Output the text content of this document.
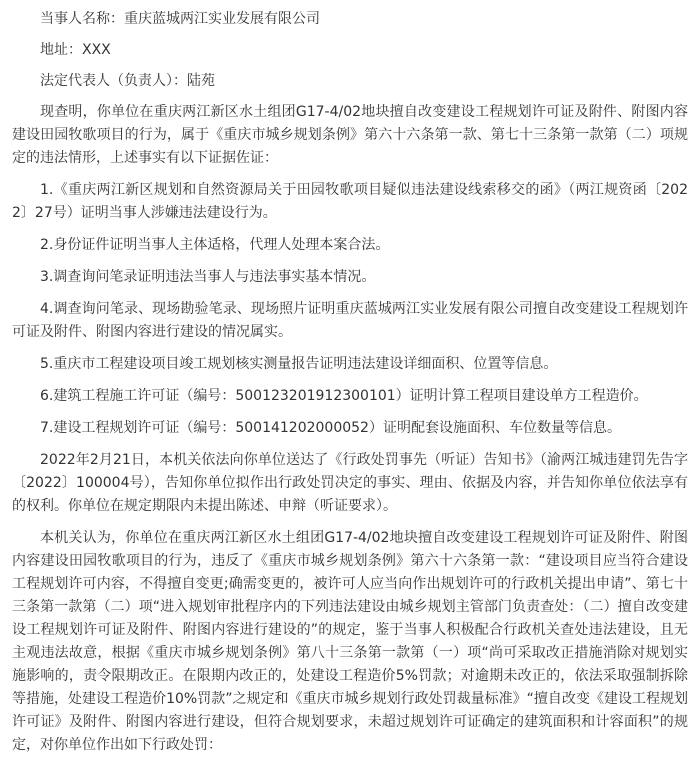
当事人名称：重庆蓝城两江实业发展有限公司

地址：XXX

法定代表人（负责人）：陆苑

现查明，你单位在重庆两江新区水土组团G17-4/02地块擅自改变建设工程规划许可证及附件、附图内容建设田园牧歌项目的行为，属于《重庆市城乡规划条例》第六十六条第一款、第七十三条第一款第（二）项规定的违法情形，上述事实有以下证据佐证：

1.《重庆两江新区规划和自然资源局关于田园牧歌项目疑似违法建设线索移交的函》（两江规资函〔2022〕27号）证明当事人涉嫌违法建设行为。

2.身份证件证明当事人主体适格，代理人处理本案合法。

3.调查询问笔录证明违法当事人与违法事实基本情况。

4.调查询问笔录、现场勘验笔录、现场照片证明重庆蓝城两江实业发展有限公司擅自改变建设工程规划许可证及附件、附图内容进行建设的情况属实。

5.重庆市工程建设项目竣工规划核实测量报告证明违法建设详细面积、位置等信息。

6.建筑工程施工许可证（编号：500123201912300101）证明计算工程项目建设单方工程造价。

7.建设工程规划许可证（编号：500141202000052）证明配套设施面积、车位数量等信息。

2022年2月21日，本机关依法向你单位送达了《行政处罚事先（听证）告知书》（渝两江城违建罚先告字〔2022〕100004号），告知你单位拟作出行政处罚决定的事实、理由、依据及内容，并告知你单位依法享有的权利。你单位在规定期限内未提出陈述、申辩（听证要求）。

本机关认为，你单位在重庆两江新区水土组团G17-4/02地块擅自改变建设工程规划许可证及附件、附图内容建设田园牧歌项目的行为，违反了《重庆市城乡规划条例》第六十六条第一款：“建设项目应当符合建设工程规划许可内容，不得擅自变更;确需变更的，被许可人应当向作出规划许可的行政机关提出申请”、第七十三条第一款第（二）项“进入规划审批程序内的下列违法建设由城乡规划主管部门负责查处：（二）擅自改变建设工程规划许可证及附件、附图内容进行建设的”的规定，鉴于当事人积极配合行政机关查处违法建设，且无主观违法故意，根据《重庆市城乡规划条例》第八十三条第一款第（一）项“尚可采取改正措施消除对规划实施影响的，责令限期改正。在限期内改正的，处建设工程造价5%罚款；对逾期未改正的，依法采取强制拆除等措施，处建设工程造价10%罚款”之规定和《重庆市城乡规划行政处罚裁量标准》“擅自改变《建设工程规划许可证》及附件、附图内容进行建设，但符合规划要求，未超过规划许可证确定的建筑面积和计容面积”的规定，对你单位作出如下行政处罚：
